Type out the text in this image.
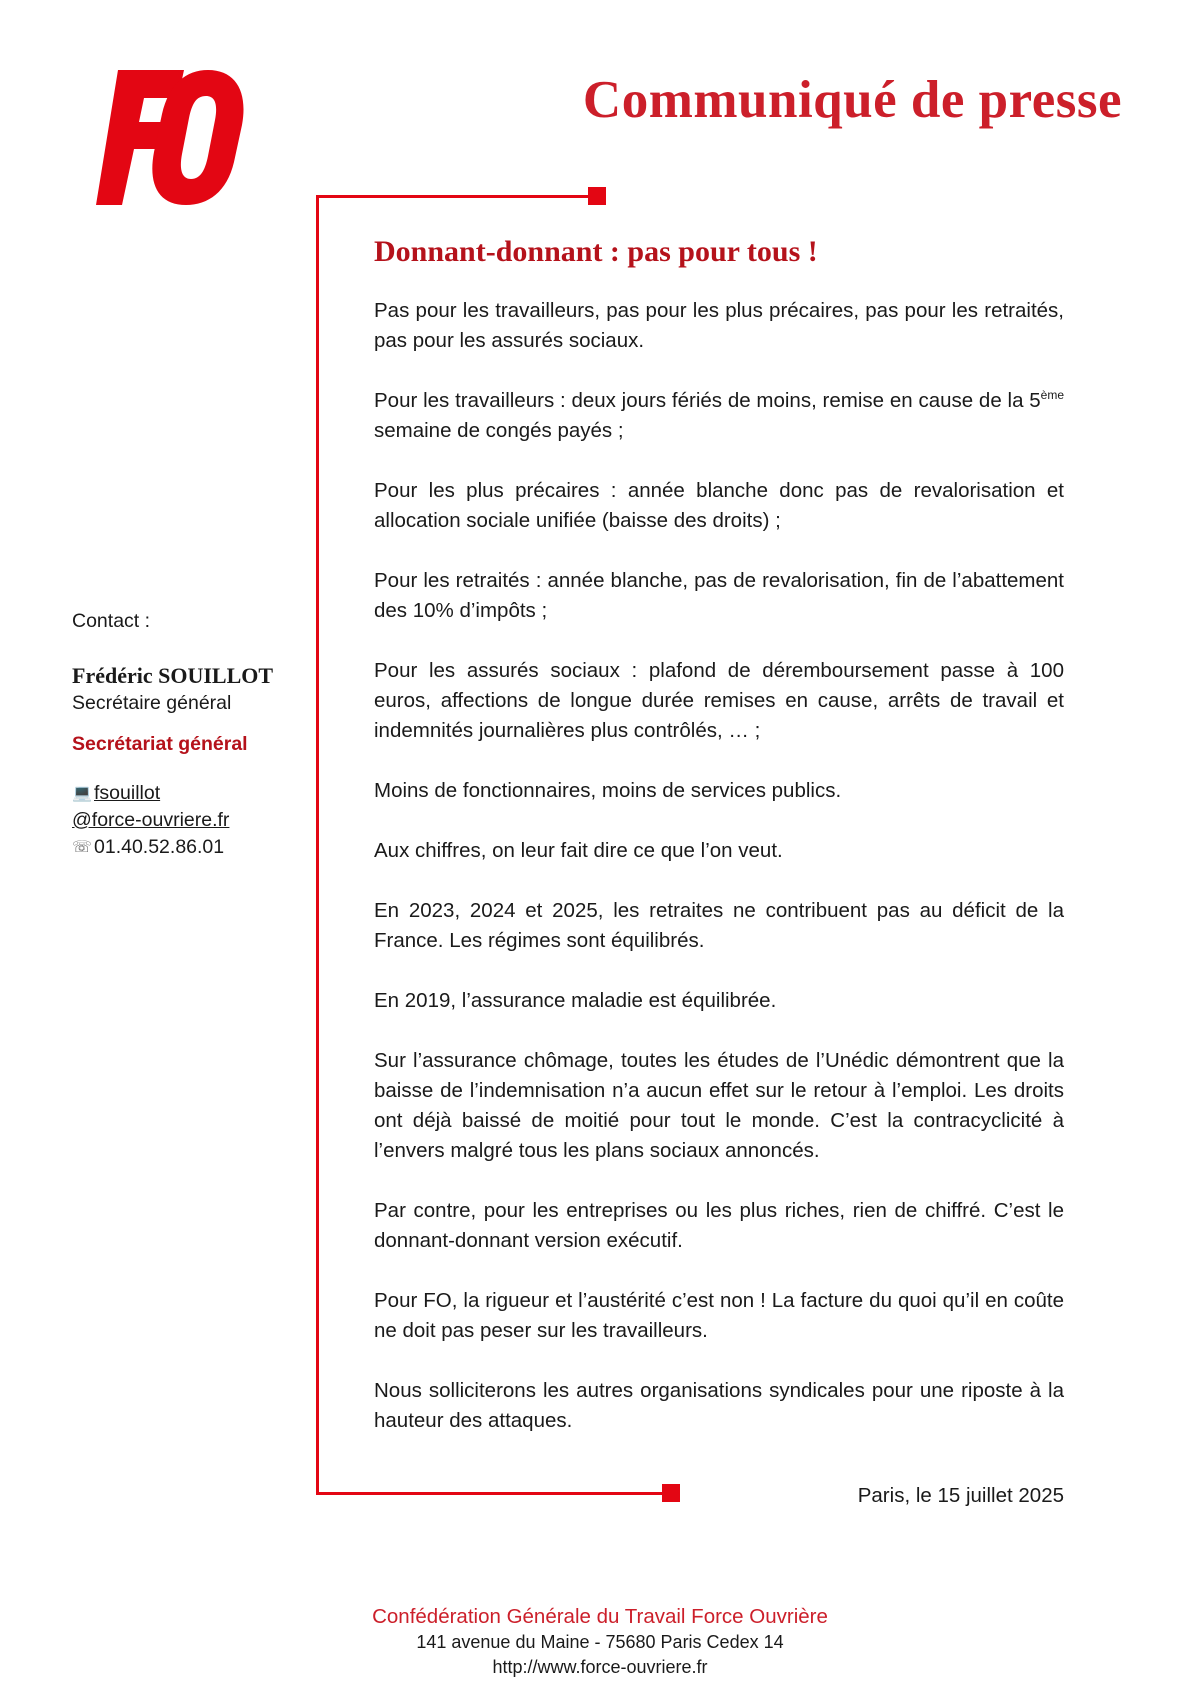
Communiqué de presse
Donnant-donnant : pas pour tous !

Pas pour les travailleurs, pas pour les plus précaires, pas pour les retraités, pas pour les assurés sociaux.

Pour les travailleurs : deux jours fériés de moins, remise en cause de la 5ème semaine de congés payés ;

Pour les plus précaires : année blanche donc pas de revalorisation et allocation sociale unifiée (baisse des droits) ;

Pour les retraités : année blanche, pas de revalorisation, fin de l’abattement des 10% d’impôts ;

Pour les assurés sociaux : plafond de déremboursement passe à 100 euros, affections de longue durée remises en cause, arrêts de travail et indemnités journalières plus contrôlés, … ;

Moins de fonctionnaires, moins de services publics.

Aux chiffres, on leur fait dire ce que l’on veut.

En 2023, 2024 et 2025, les retraites ne contribuent pas au déficit de la France. Les régimes sont équilibrés.

En 2019, l’assurance maladie est équilibrée.

Sur l’assurance chômage, toutes les études de l’Unédic démontrent que la baisse de l’indemnisation n’a aucun effet sur le retour à l’emploi. Les droits ont déjà baissé de moitié pour tout le monde. C’est la contracyclicité à l’envers malgré tous les plans sociaux annoncés.

Par contre, pour les entreprises ou les plus riches, rien de chiffré. C’est le donnant-donnant version exécutif.

Pour FO, la rigueur et l’austérité c’est non ! La facture du quoi qu’il en coûte ne doit pas peser sur les travailleurs.

Nous solliciterons les autres organisations syndicales pour une riposte à la hauteur des attaques.

Paris, le 15 juillet 2025

Contact :

Frédéric SOUILLOT

Secrétaire général

Secrétariat général

💻 fsouillot

@force-ouvriere.fr

☏ 01.40.52.86.01

Confédération Générale du Travail Force Ouvrière

141 avenue du Maine - 75680 Paris Cedex 14

http://www.force-ouvriere.fr
